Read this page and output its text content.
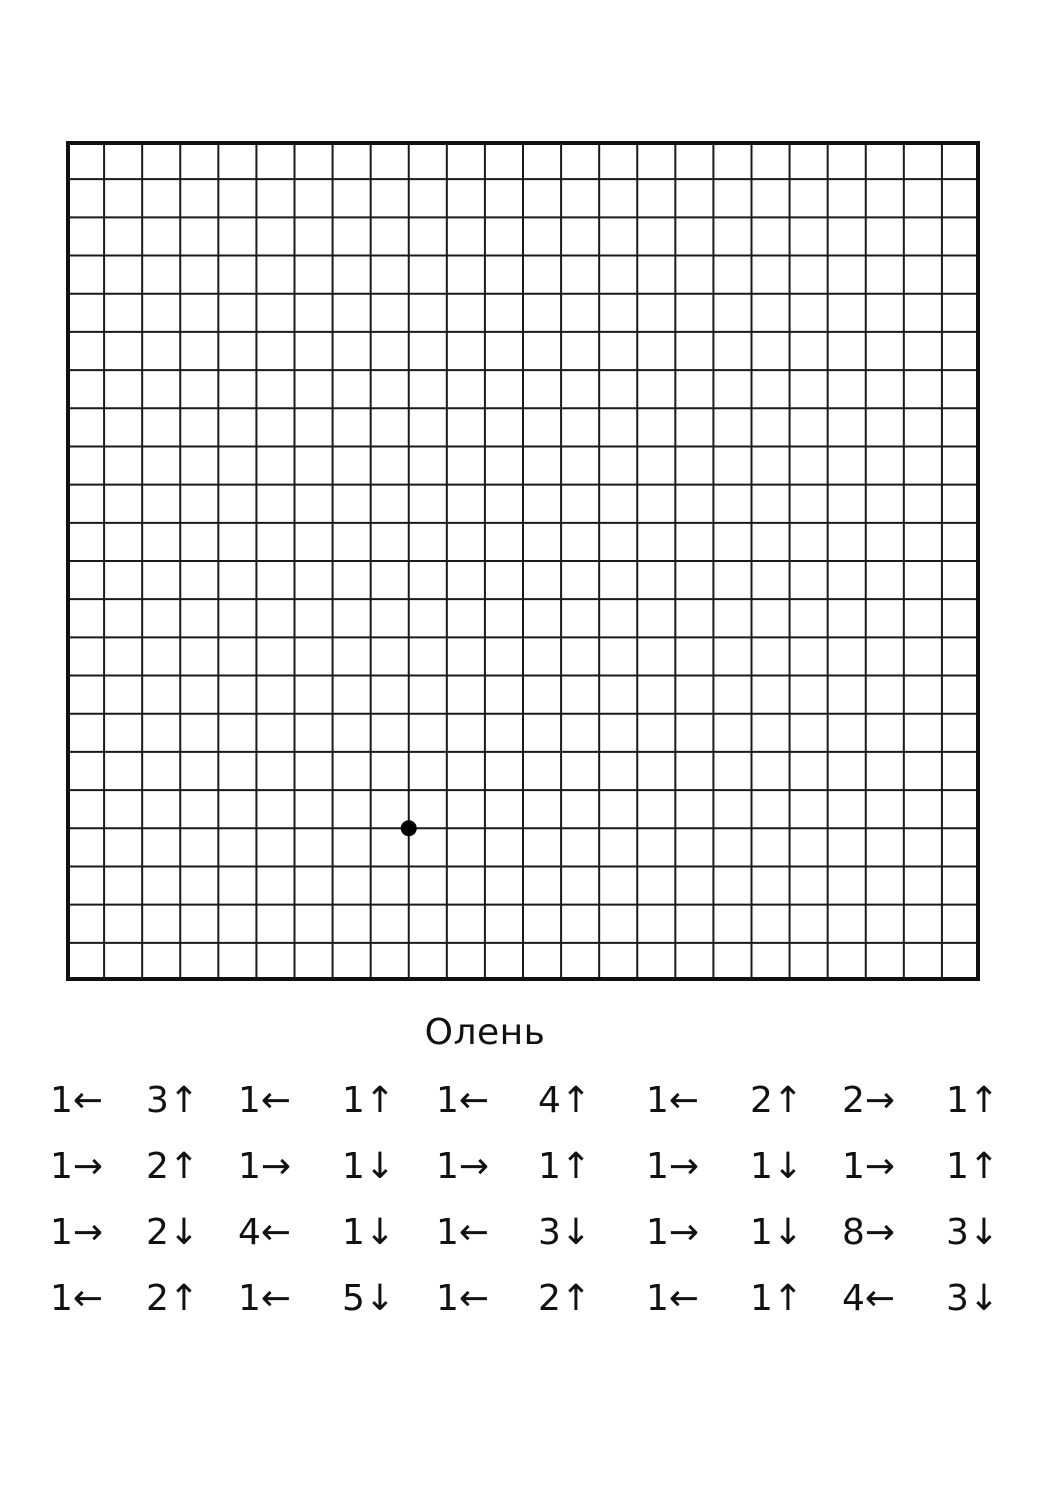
Олень
1← 3↑ 1← 1↑ 1← 4↑ 1← 2↑ 2→ 1↑
1→ 2↑ 1→ 1↓ 1→ 1↑ 1→ 1↓ 1→ 1↑
1→ 2↓ 4← 1↓ 1← 3↓ 1→ 1↓ 8→ 3↓
1← 2↑ 1← 5↓ 1← 2↑ 1← 1↑ 4← 3↓
